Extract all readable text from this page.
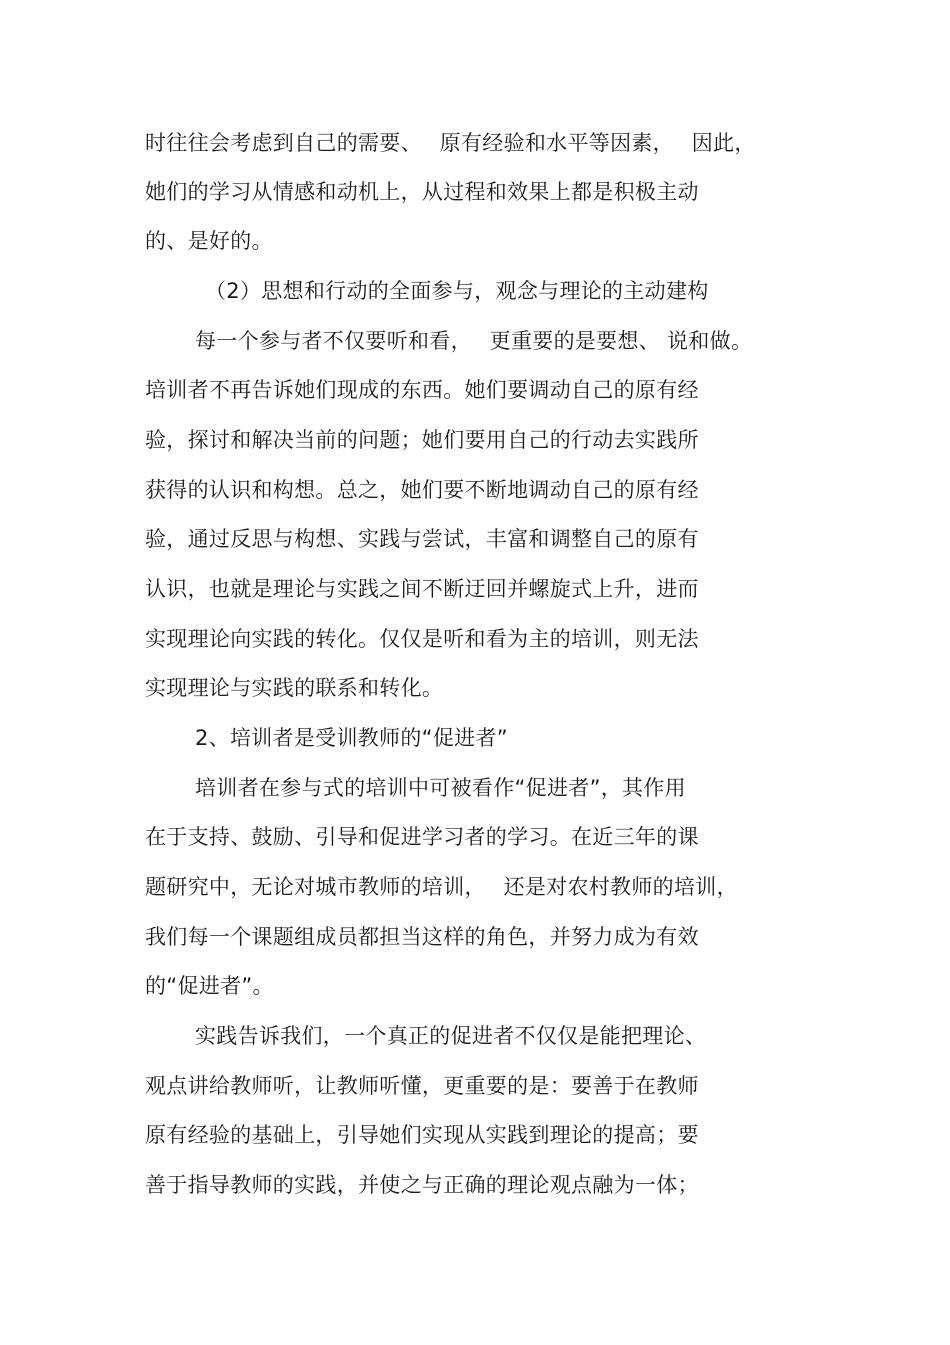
时往往会考虑到自己的需要、　 原有经验和水平等因素，　 因此，
她们的学习从情感和动机上，从过程和效果上都是积极主动
的、是好的。
（2）思想和行动的全面参与，观念与理论的主动建构
每一个参与者不仅要听和看，　 更重要的是要想、 说和做。
培训者不再告诉她们现成的东西。她们要调动自己的原有经
验，探讨和解决当前的问题；她们要用自己的行动去实践所
获得的认识和构想。总之，她们要不断地调动自己的原有经
验，通过反思与构想、实践与尝试，丰富和调整自己的原有
认识，也就是理论与实践之间不断迂回并螺旋式上升，进而
实现理论向实践的转化。仅仅是听和看为主的培训，则无法
实现理论与实践的联系和转化。
2、培训者是受训教师的“促进者”
培训者在参与式的培训中可被看作“促进者”，其作用
在于支持、鼓励、引导和促进学习者的学习。在近三年的课
题研究中，无论对城市教师的培训，　 还是对农村教师的培训，
我们每一个课题组成员都担当这样的角色，并努力成为有效
的“促进者”。
实践告诉我们，一个真正的促进者不仅仅是能把理论、
观点讲给教师听，让教师听懂，更重要的是：要善于在教师
原有经验的基础上，引导她们实现从实践到理论的提高；要
善于指导教师的实践，并使之与正确的理论观点融为一体；
